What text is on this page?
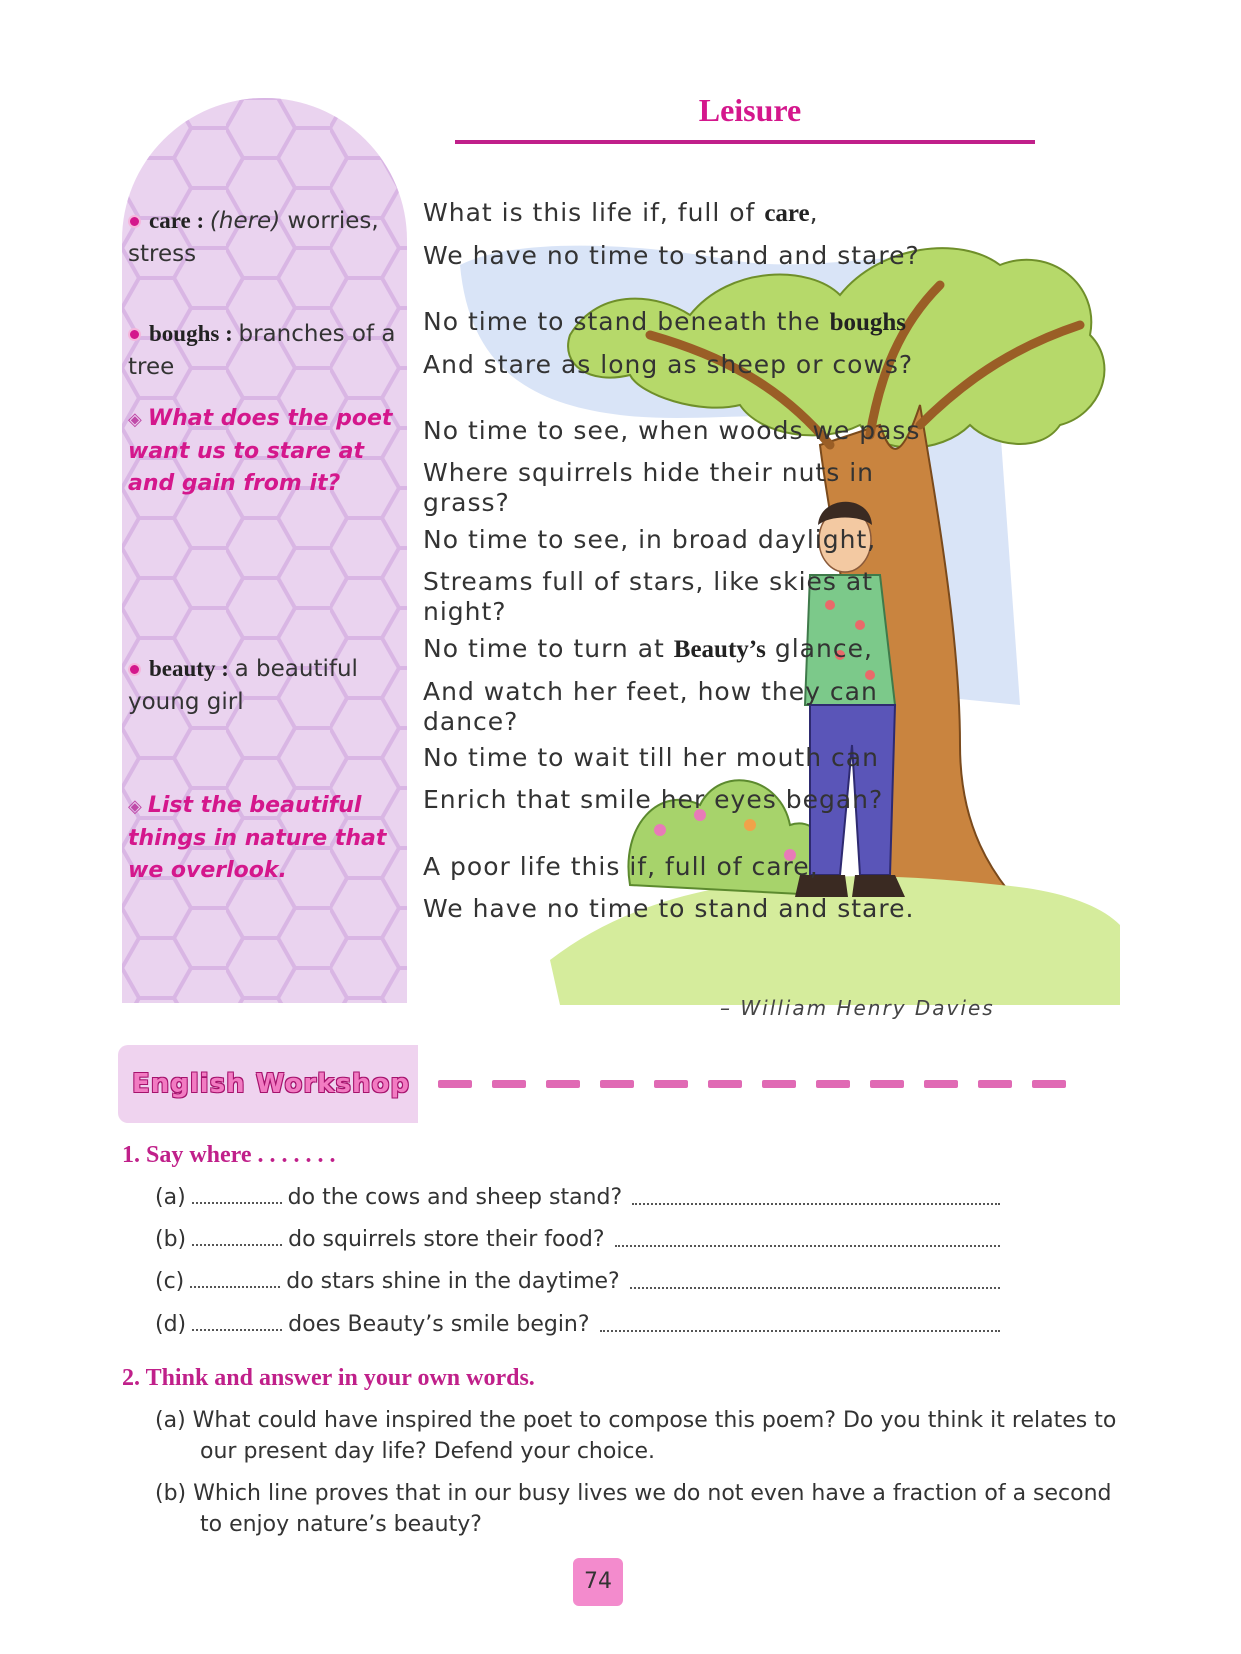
Leisure
care : (here) worries, stress
boughs : branches of a tree
◈ What does the poet want us to stare at and gain from it?
beauty : a beautiful young girl
◈ List the beautiful things in nature that we overlook.
What is this life if, full of care,
We have no time to stand and stare?
No time to stand beneath the boughs
And stare as long as sheep or cows?
No time to see, when woods we pass
Where squirrels hide their nuts in grass?
No time to see, in broad daylight,
Streams full of stars, like skies at night?
No time to turn at Beauty’s glance,
And watch her feet, how they can dance?
No time to wait till her mouth can
Enrich that smile her eyes began?
A poor life this if, full of care,
We have no time to stand and stare.
– William Henry Davies
English Workshop
1. Say where . . . . . . .
(a)	do the cows and sheep stand?
(b)	do squirrels store their food?
(c)	do stars shine in the daytime?
(d)	does Beauty’s smile begin?
2. Think and answer in your own words.
(a) What could have inspired the poet to compose this poem? Do you think it relates to our present day life? Defend your choice.
(b) Which line proves that in our busy lives we do not even have a fraction of a second to enjoy nature’s beauty?
74
